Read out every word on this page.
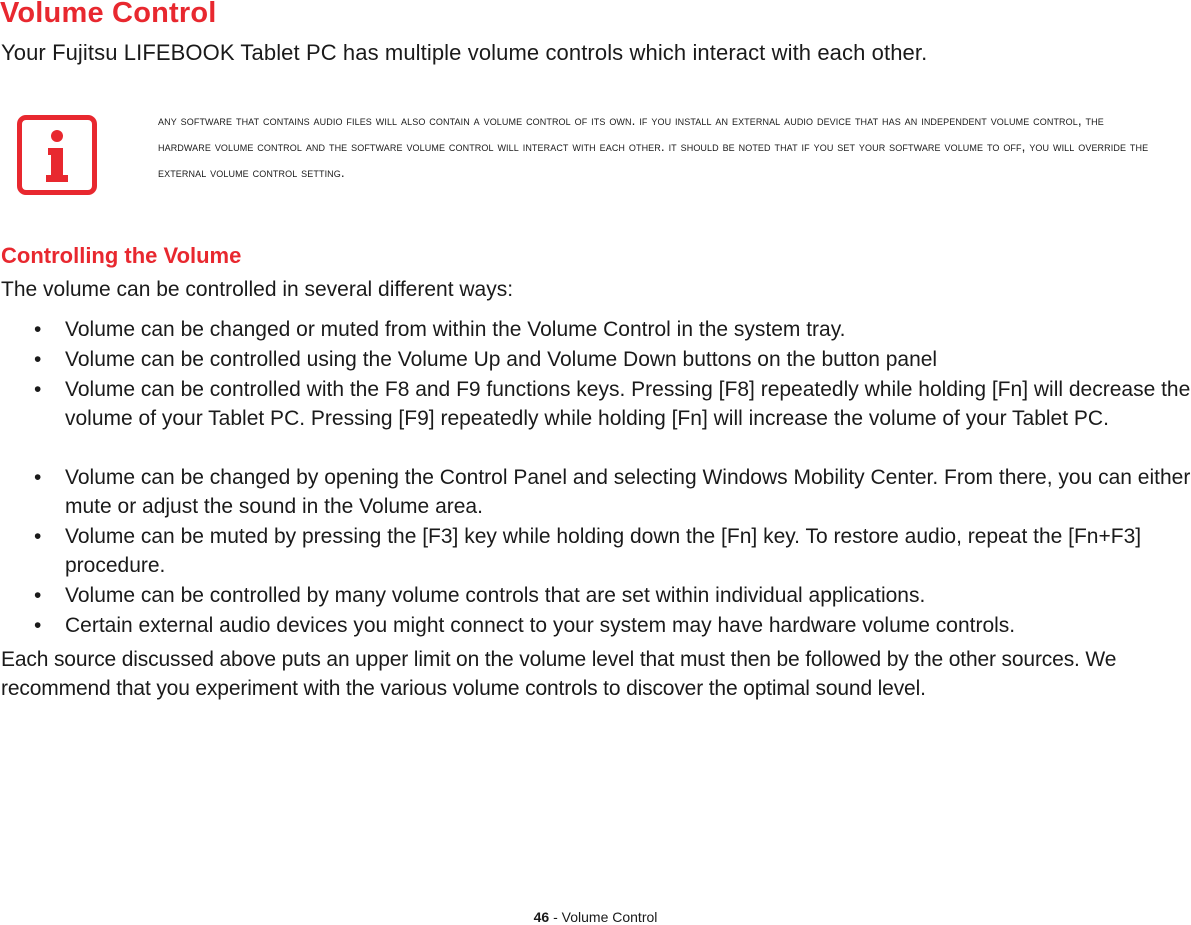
Volume Control

Your Fujitsu LIFEBOOK Tablet PC has multiple volume controls which interact with each other.

any software that contains audio files will also contain a volume control of its own. if you install an external audio device that has an independent volume control, the hardware volume control and the software volume control will interact with each other. it should be noted that if you set your software volume to off, you will override the external volume control setting.

Controlling the Volume

The volume can be controlled in several different ways:

• Volume can be changed or muted from within the Volume Control in the system tray.
• Volume can be controlled using the Volume Up and Volume Down buttons on the button panel
• Volume can be controlled with the F8 and F9 functions keys. Pressing [F8] repeatedly while holding [Fn] will decrease the volume of your Tablet PC. Pressing [F9] repeatedly while holding [Fn] will increase the volume of your Tablet PC.
• Volume can be changed by opening the Control Panel and selecting Windows Mobility Center. From there, you can either mute or adjust the sound in the Volume area.
• Volume can be muted by pressing the [F3] key while holding down the [Fn] key. To restore audio, repeat the [Fn+F3] procedure.
• Volume can be controlled by many volume controls that are set within individual applications.
• Certain external audio devices you might connect to your system may have hardware volume controls.

Each source discussed above puts an upper limit on the volume level that must then be followed by the other sources. We recommend that you experiment with the various volume controls to discover the optimal sound level.

46 - Volume Control
